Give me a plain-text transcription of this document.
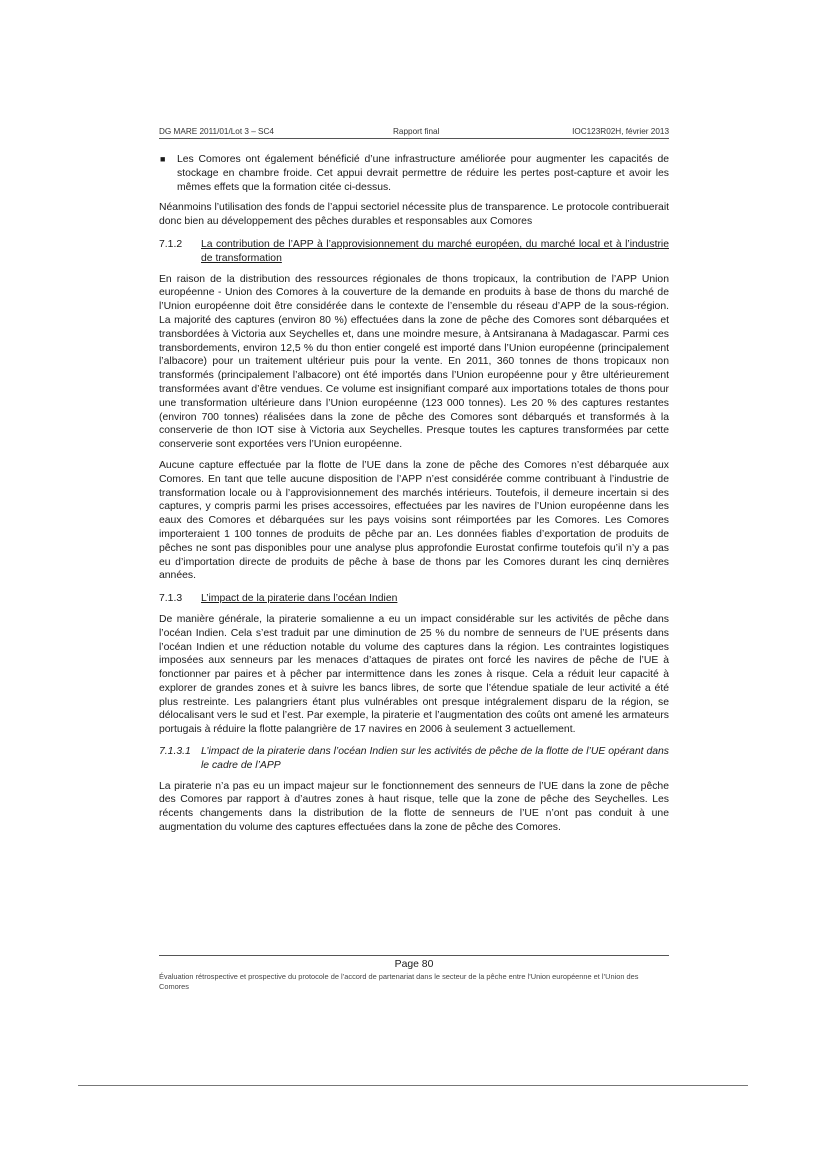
DG MARE 2011/01/Lot 3 – SC4	Rapport final	IOC123R02H, février 2013
■ Les Comores ont également bénéficié d’une infrastructure améliorée pour augmenter les capacités de stockage en chambre froide. Cet appui devrait permettre de réduire les pertes post-capture et avoir les mêmes effets que la formation citée ci-dessus.

Néanmoins l’utilisation des fonds de l’appui sectoriel nécessite plus de transparence. Le protocole contribuerait donc bien au développement des pêches durables et responsables aux Comores

7.1.2 La contribution de l’APP à l’approvisionnement du marché européen, du marché local et à l’industrie de transformation

En raison de la distribution des ressources régionales de thons tropicaux, la contribution de l’APP Union européenne - Union des Comores à la couverture de la demande en produits à base de thons du marché de l’Union européenne doit être considérée dans le contexte de l’ensemble du réseau d’APP de la sous-région. La majorité des captures (environ 80 %) effectuées dans la zone de pêche des Comores sont débarquées et transbordées à Victoria aux Seychelles et, dans une moindre mesure, à Antsiranana à Madagascar. Parmi ces transbordements, environ 12,5 % du thon entier congelé est importé dans l’Union européenne (principalement l’albacore) pour un traitement ultérieur puis pour la vente. En 2011, 360 tonnes de thons tropicaux non transformés (principalement l’albacore) ont été importés dans l’Union européenne pour y être ultérieurement transformées avant d’être vendues. Ce volume est insignifiant comparé aux importations totales de thons pour une transformation ultérieure dans l’Union européenne (123 000 tonnes). Les 20 % des captures restantes (environ 700 tonnes) réalisées dans la zone de pêche des Comores sont débarqués et transformés à la conserverie de thon IOT sise à Victoria aux Seychelles. Presque toutes les captures transformées par cette conserverie sont exportées vers l’Union européenne.

Aucune capture effectuée par la flotte de l’UE dans la zone de pêche des Comores n’est débarquée aux Comores. En tant que telle aucune disposition de l’APP n’est considérée comme contribuant à l’industrie de transformation locale ou à l’approvisionnement des marchés intérieurs. Toutefois, il demeure incertain si des captures, y compris parmi les prises accessoires, effectuées par les navires de l’Union européenne dans les eaux des Comores et débarquées sur les pays voisins sont réimportées par les Comores. Les Comores importeraient 1 100 tonnes de produits de pêche par an. Les données fiables d’exportation de produits de pêches ne sont pas disponibles pour une analyse plus approfondie Eurostat confirme toutefois qu’il n’y a pas eu d’importation directe de produits de pêche à base de thons par les Comores durant les cinq dernières années.

7.1.3 L’impact de la piraterie dans l’océan Indien

De manière générale, la piraterie somalienne a eu un impact considérable sur les activités de pêche dans l’océan Indien. Cela s’est traduit par une diminution de 25 % du nombre de senneurs de l’UE présents dans l’océan Indien et une réduction notable du volume des captures dans la région. Les contraintes logistiques imposées aux senneurs par les menaces d’attaques de pirates ont forcé les navires de pêche de l’UE à fonctionner par paires et à pêcher par intermittence dans les zones à risque. Cela a réduit leur capacité à explorer de grandes zones et à suivre les bancs libres, de sorte que l’étendue spatiale de leur activité a été plus restreinte. Les palangriers étant plus vulnérables ont presque intégralement disparu de la région, se délocalisant vers le sud et l’est. Par exemple, la piraterie et l’augmentation des coûts ont amené les armateurs portugais à réduire la flotte palangrière de 17 navires en 2006 à seulement 3 actuellement.

7.1.3.1 L’impact de la piraterie dans l’océan Indien sur les activités de pêche de la flotte de l’UE opérant dans le cadre de l’APP

La piraterie n’a pas eu un impact majeur sur le fonctionnement des senneurs de l’UE dans la zone de pêche des Comores par rapport à d’autres zones à haut risque, telle que la zone de pêche des Seychelles. Les récents changements dans la distribution de la flotte de senneurs de l’UE n’ont pas conduit à une augmentation du volume des captures effectuées dans la zone de pêche des Comores.

Page 80
Évaluation rétrospective et prospective du protocole de l’accord de partenariat dans le secteur de la pêche entre l’Union européenne et l’Union des Comores
